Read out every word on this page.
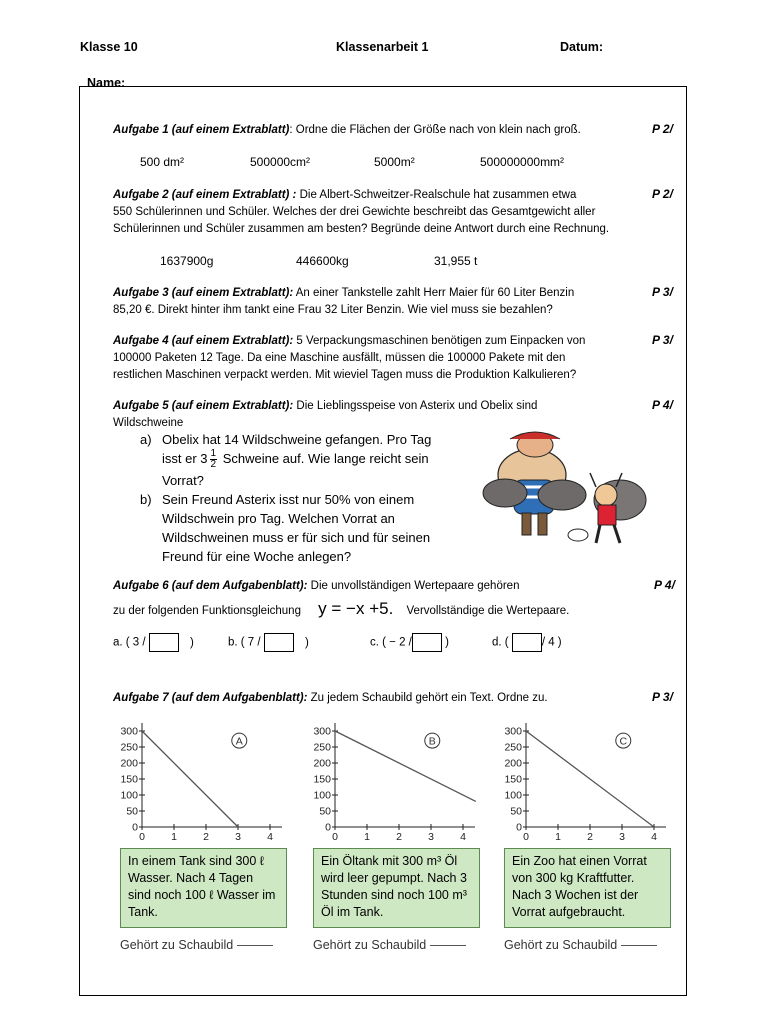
Klasse 10	Klassenarbeit 1	Datum:
Name:
Aufgabe 1 (auf einem Extrablatt): Ordne die Flächen der Größe nach von klein nach groß.	P 2/
500 dm²	500000cm²	5000m²	500000000mm²
Aufgabe 2 (auf einem Extrablatt) : Die Albert-Schweitzer-Realschule hat zusammen etwa
550 Schülerinnen und Schüler. Welches der drei Gewichte beschreibt das Gesamtgewicht aller
Schülerinnen und Schüler zusammen am besten? Begründe deine Antwort durch eine Rechnung.
P 2/
1637900g	446600kg	31,955 t
Aufgabe 3 (auf einem Extrablatt): An einer Tankstelle zahlt Herr Maier für 60 Liter Benzin
85,20 €. Direkt hinter ihm tankt eine Frau 32 Liter Benzin. Wie viel muss sie bezahlen?
P 3/
Aufgabe 4 (auf einem Extrablatt): 5 Verpackungsmaschinen benötigen zum Einpacken von
100000 Paketen 12 Tage. Da eine Maschine ausfällt, müssen die 100000 Pakete mit den
restlichen Maschinen verpackt werden. Mit wieviel Tagen muss die Produktion Kalkulieren?
P 3/
Aufgabe 5 (auf einem Extrablatt): Die Lieblingsspeise von Asterix und Obelix sind
Wildschweine
P 4/
a) Obelix hat 14 Wildschweine gefangen. Pro Tag
isst er $3 \frac{1}{2}$ Schweine auf. Wie lange reicht sein
Vorrat?
b) Sein Freund Asterix isst nur 50% von einem
Wildschwein pro Tag. Welchen Vorrat an
Wildschweinen muss er für sich und für seinen
Freund für eine Woche anlegen?
Aufgabe 6 (auf dem Aufgabenblatt): Die unvollständigen Wertepaare gehören	P 4/
zu der folgenden Funktionsgleichung y = −x +5. Vervollständige die Wertepaare.
a. ( 3 /	)	b. ( 7 /	)	c. ( − 2 /	)	d. (	/ 4 )
Aufgabe 7 (auf dem Aufgabenblatt): Zu jedem Schaubild gehört ein Text. Ordne zu.	P 3/
0
50
100
150
200
250
300
0 1 2 3 4
A
0
50
100
150
200
250
300
0 1 2 3 4
B
0
50
100
150
200
250
300
0 1 2 3 4
C
In einem Tank sind 300 ℓ Wasser. Nach 4 Tagen sind noch 100 ℓ Wasser im Tank.
Ein Öltank mit 300 m³ Öl wird leer gepumpt. Nach 3 Stunden sind noch 100 m³ Öl im Tank.
Ein Zoo hat einen Vorrat von 300 kg Kraftfutter. Nach 3 Wochen ist der Vorrat aufgebraucht.
Gehört zu Schaubild	Gehört zu Schaubild	Gehört zu Schaubild
